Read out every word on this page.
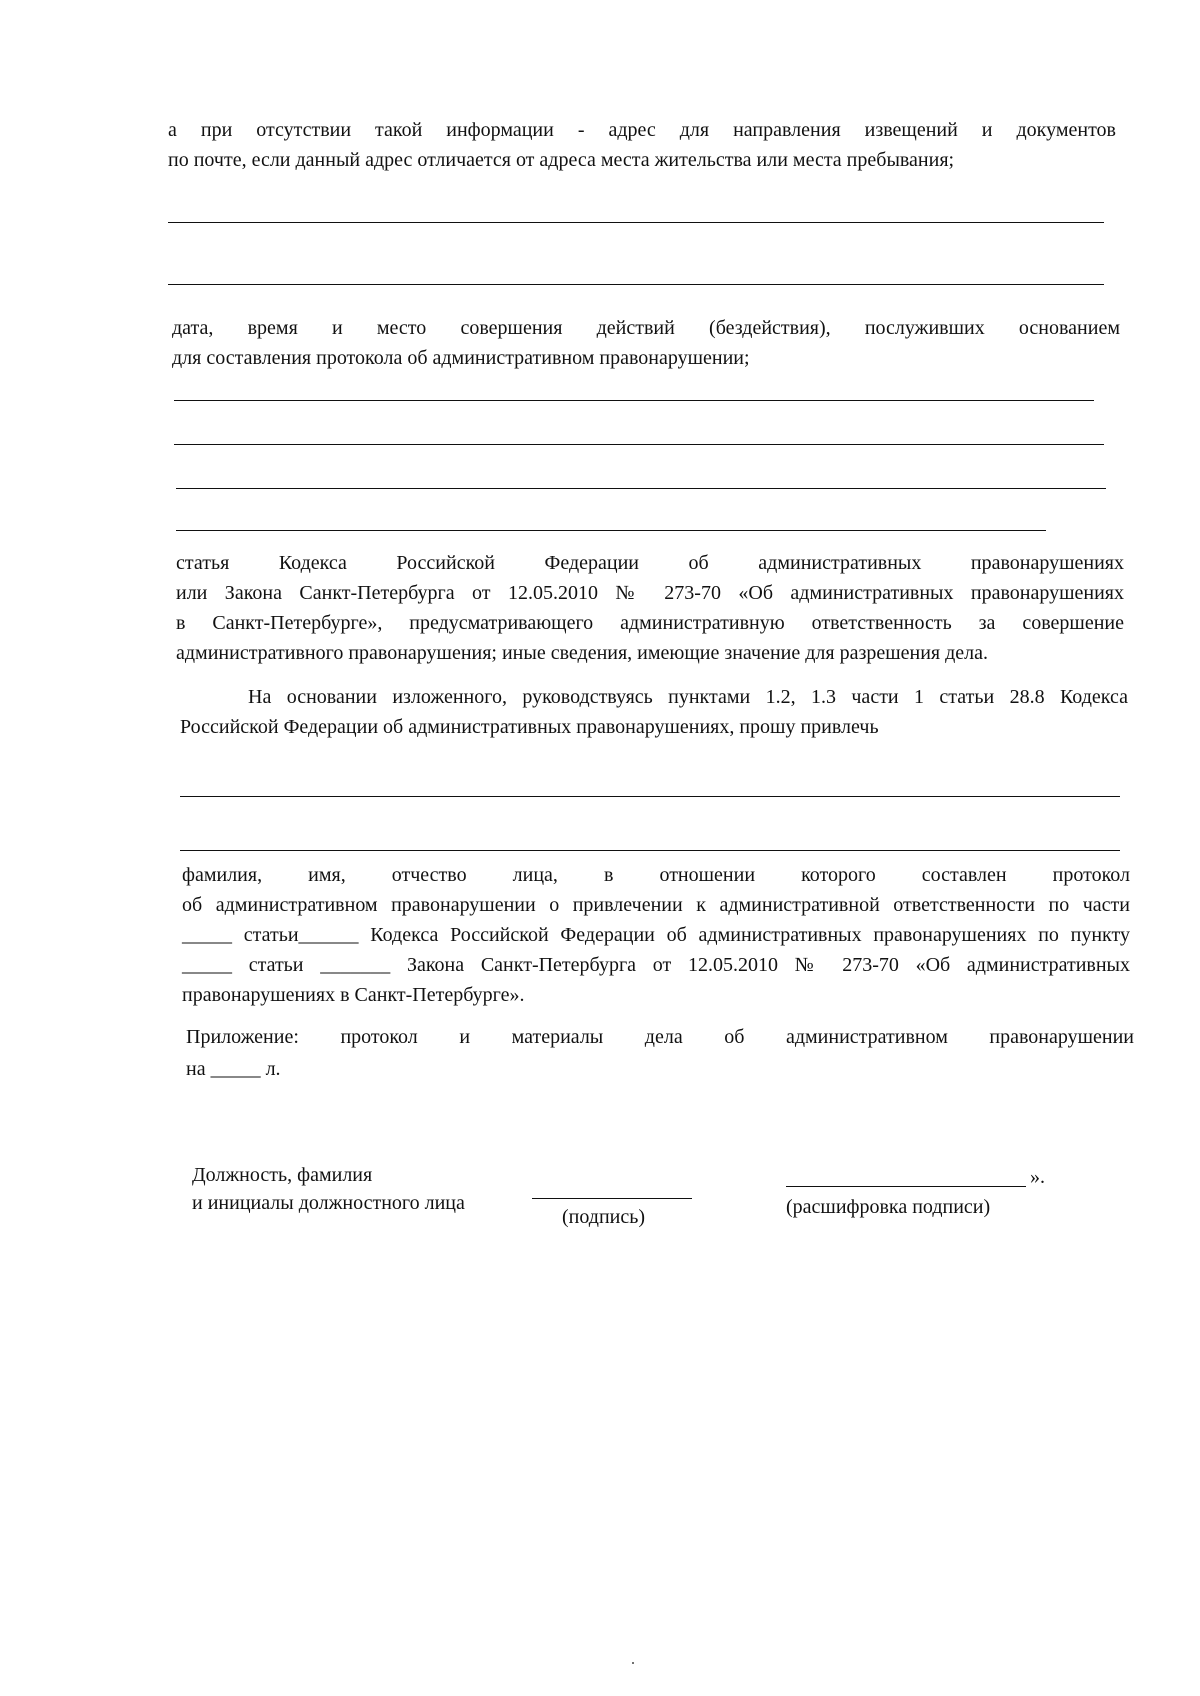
а при отсутствии такой информации - адрес для направления извещений и документов
по почте, если данный адрес отличается от адреса места жительства или места пребывания;
дата, время и место совершения действий (бездействия), послуживших основанием
для составления протокола об административном правонарушении;
статья Кодекса Российской Федерации об административных правонарушениях
или Закона Санкт-Петербурга от 12.05.2010 № 273-70 «Об административных правонарушениях
в Санкт-Петербурге», предусматривающего административную ответственность за совершение
административного правонарушения; иные сведения, имеющие значение для разрешения дела.
На основании изложенного, руководствуясь пунктами 1.2, 1.3 части 1 статьи 28.8 Кодекса
Российской Федерации об административных правонарушениях, прошу привлечь
фамилия, имя, отчество лица, в отношении которого составлен протокол
об административном правонарушении о привлечении к административной ответственности по части
_____ статьи______ Кодекса Российской Федерации об административных правонарушениях по пункту
_____ статьи _______ Закона Санкт-Петербурга от 12.05.2010 № 273-70 «Об административных
правонарушениях в Санкт-Петербурге».
Приложение: протокол и материалы дела об административном правонарушении
на _____ л.
Должность, фамилия
и инициалы должностного лица
(подпись)
».
(расшифровка подписи)
